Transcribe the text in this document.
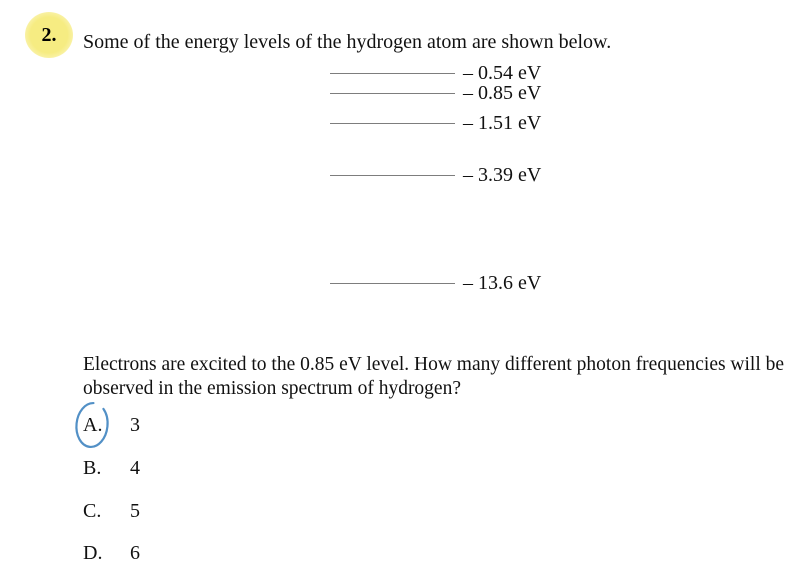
2. Some of the energy levels of the hydrogen atom are shown below.
– 0.54 eV
– 0.85 eV
– 1.51 eV
– 3.39 eV
– 13.6 eV
Electrons are excited to the 0.85 eV level. How many different photon frequencies will be
observed in the emission spectrum of hydrogen?
A. 3
B. 4
C. 5
D. 6
